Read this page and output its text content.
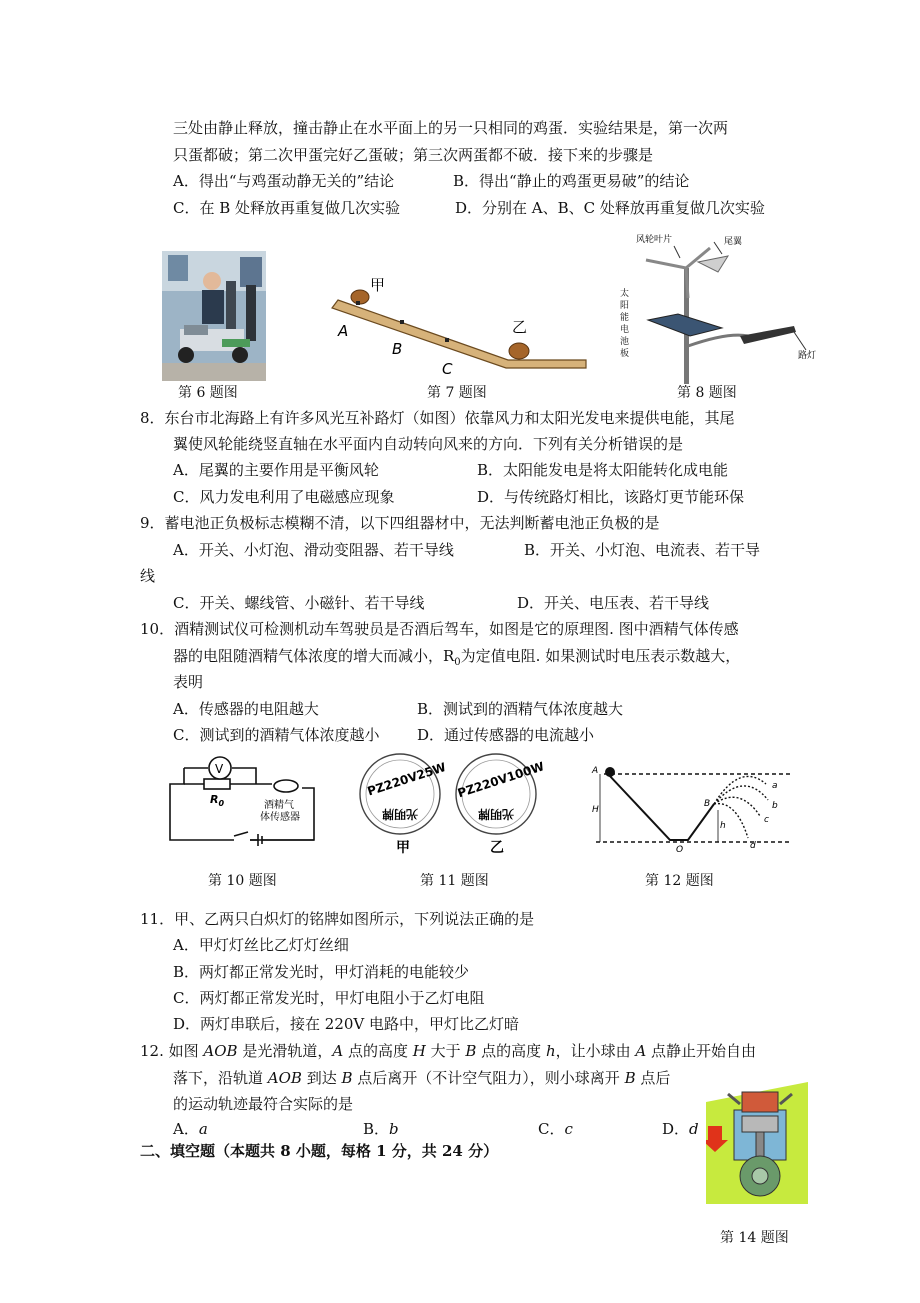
三处由静止释放，撞击静止在水平面上的另一只相同的鸡蛋．实验结果是，第一次两
只蛋都破；第二次甲蛋完好乙蛋破；第三次两蛋都不破．接下来的步骤是
A．得出“与鸡蛋动静无关的”结论	B．得出“静止的鸡蛋更易破”的结论
C．在 B 处释放再重复做几次实验	D．分别在 A、B、C 处释放再重复做几次实验
第 6 题图
甲
乙
A
B
C
第 7 题图
风轮叶片	尾翼
路灯
太阳能电池板
第 8 题图
8．东台市北海路上有许多风光互补路灯（如图）依靠风力和太阳光发电来提供电能，其尾
翼使风轮能绕竖直轴在水平面内自动转向风来的方向．下列有关分析错误的是
A．尾翼的主要作用是平衡风轮	B．太阳能发电是将太阳能转化成电能
C．风力发电利用了电磁感应现象	D．与传统路灯相比，该路灯更节能环保
9．蓄电池正负极标志模糊不清，以下四组器材中，无法判断蓄电池正负极的是
A．开关、小灯泡、滑动变阻器、若干导线	B．开关、小灯泡、电流表、若干导
线
C．开关、螺线管、小磁针、若干导线	D．开关、电压表、若干导线
10．酒精测试仪可检测机动车驾驶员是否酒后驾车，如图是它的原理图. 图中酒精气体传感
器的电阻随酒精气体浓度的增大而减小，$R_0$为定值电阻. 如果测试时电压表示数越大，
表明
A．传感器的电阻越大	B．测试到的酒精气体浓度越大
C．测试到的酒精气体浓度越小	D．通过传感器的电流越小
V
$R_0$	酒精气
体传感器
第 10 题图
PZ220V25W
光明牌
PZ220V100W
光明牌
甲	乙
第 11 题图
A
B
H
h
O
a
b
c
d
第 12 题图
11．甲、乙两只白炽灯的铭牌如图所示，下列说法正确的是
A．甲灯灯丝比乙灯灯丝细
B．两灯都正常发光时，甲灯消耗的电能较少
C．两灯都正常发光时，甲灯电阻小于乙灯电阻
D．两灯串联后，接在 220V 电路中，甲灯比乙灯暗
12. 如图 AOB 是光滑轨道，A 点的高度 H 大于 B 点的高度 h，让小球由 A 点静止开始自由
落下，沿轨道 AOB 到达 B 点后离开（不计空气阻力），则小球离开 B 点后
的运动轨迹最符合实际的是
A．a	B．b	C．c	D．d
二、填空题（本题共 8 小题，每格 1 分，共 24 分）
第 14 题图
